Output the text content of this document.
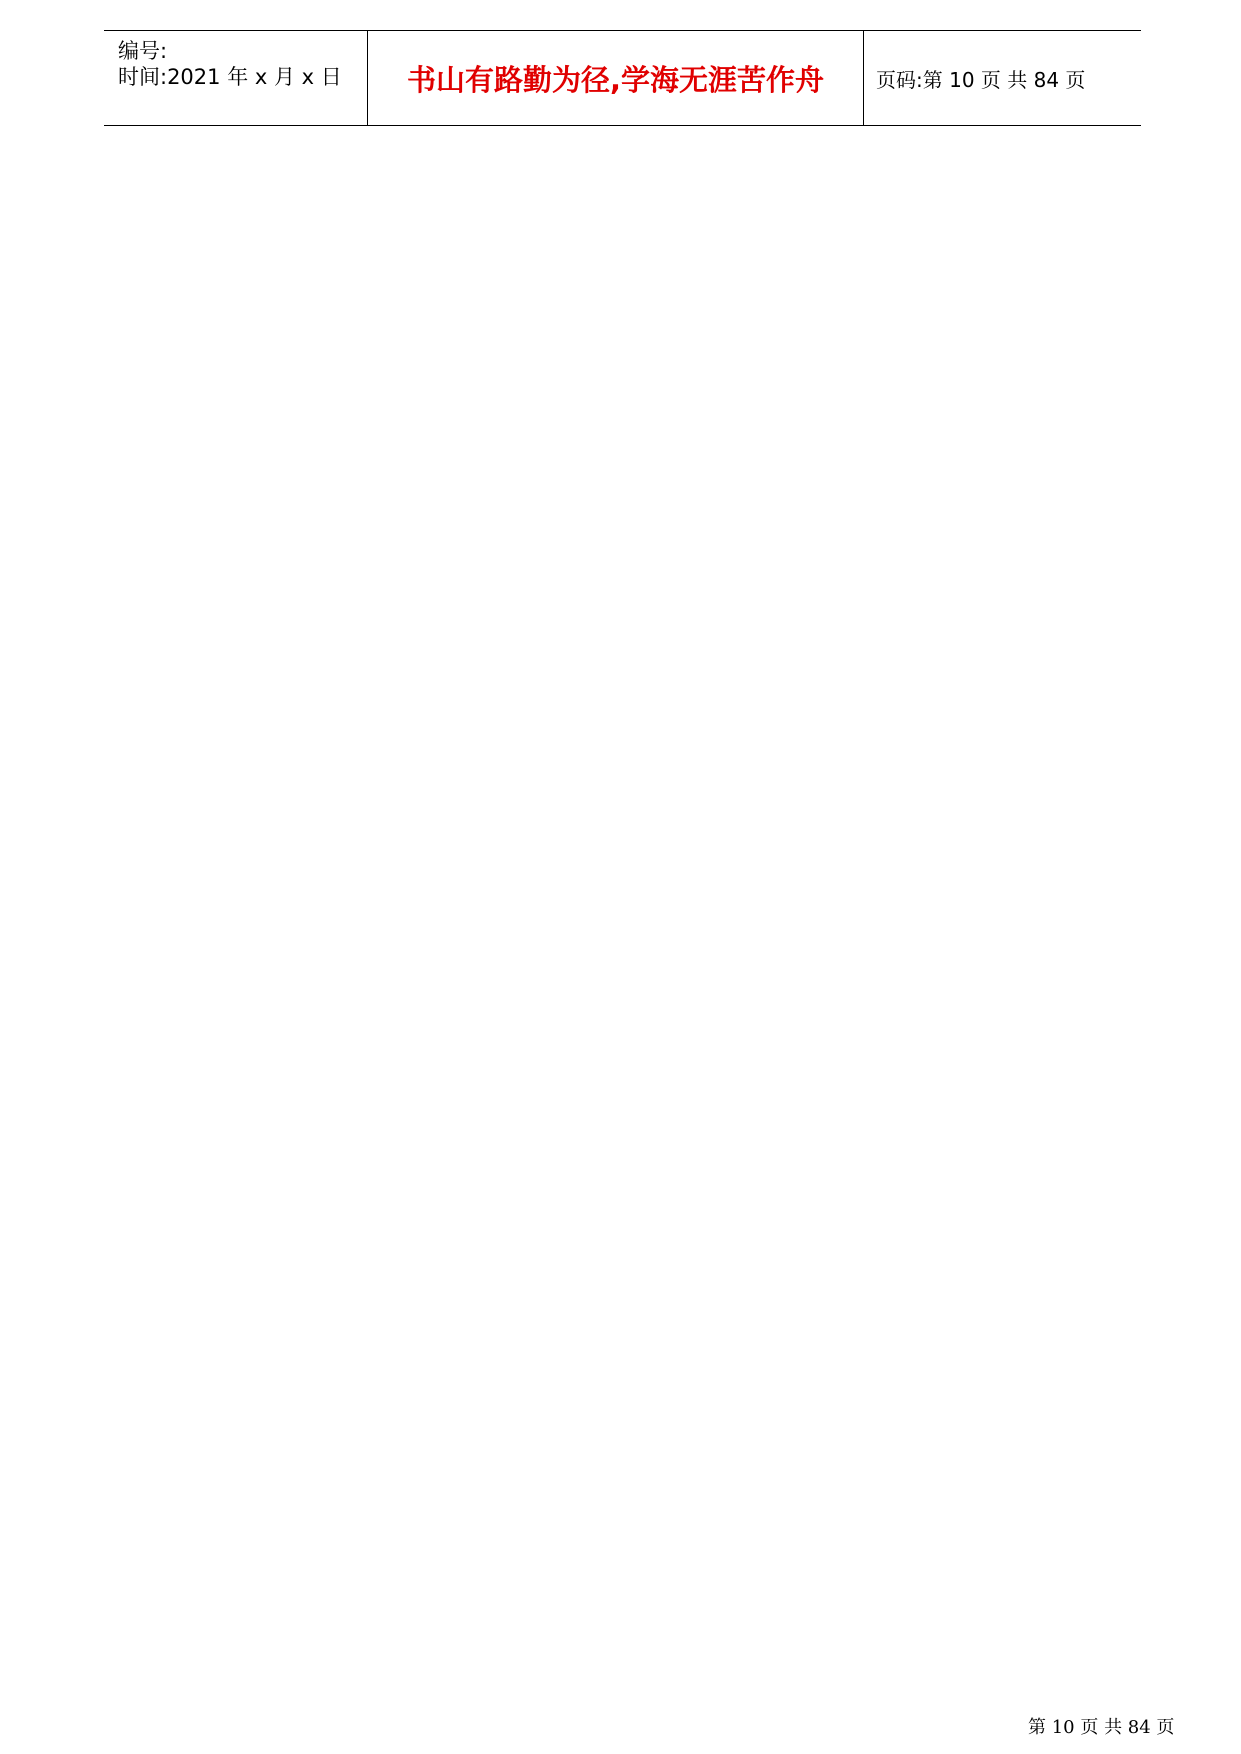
编号:
时间:2021 年 x 月 x 日 书山有路勤为径,学海无涯苦作舟	页码:第 10 页 共 84 页
第 10 页 共 84 页
